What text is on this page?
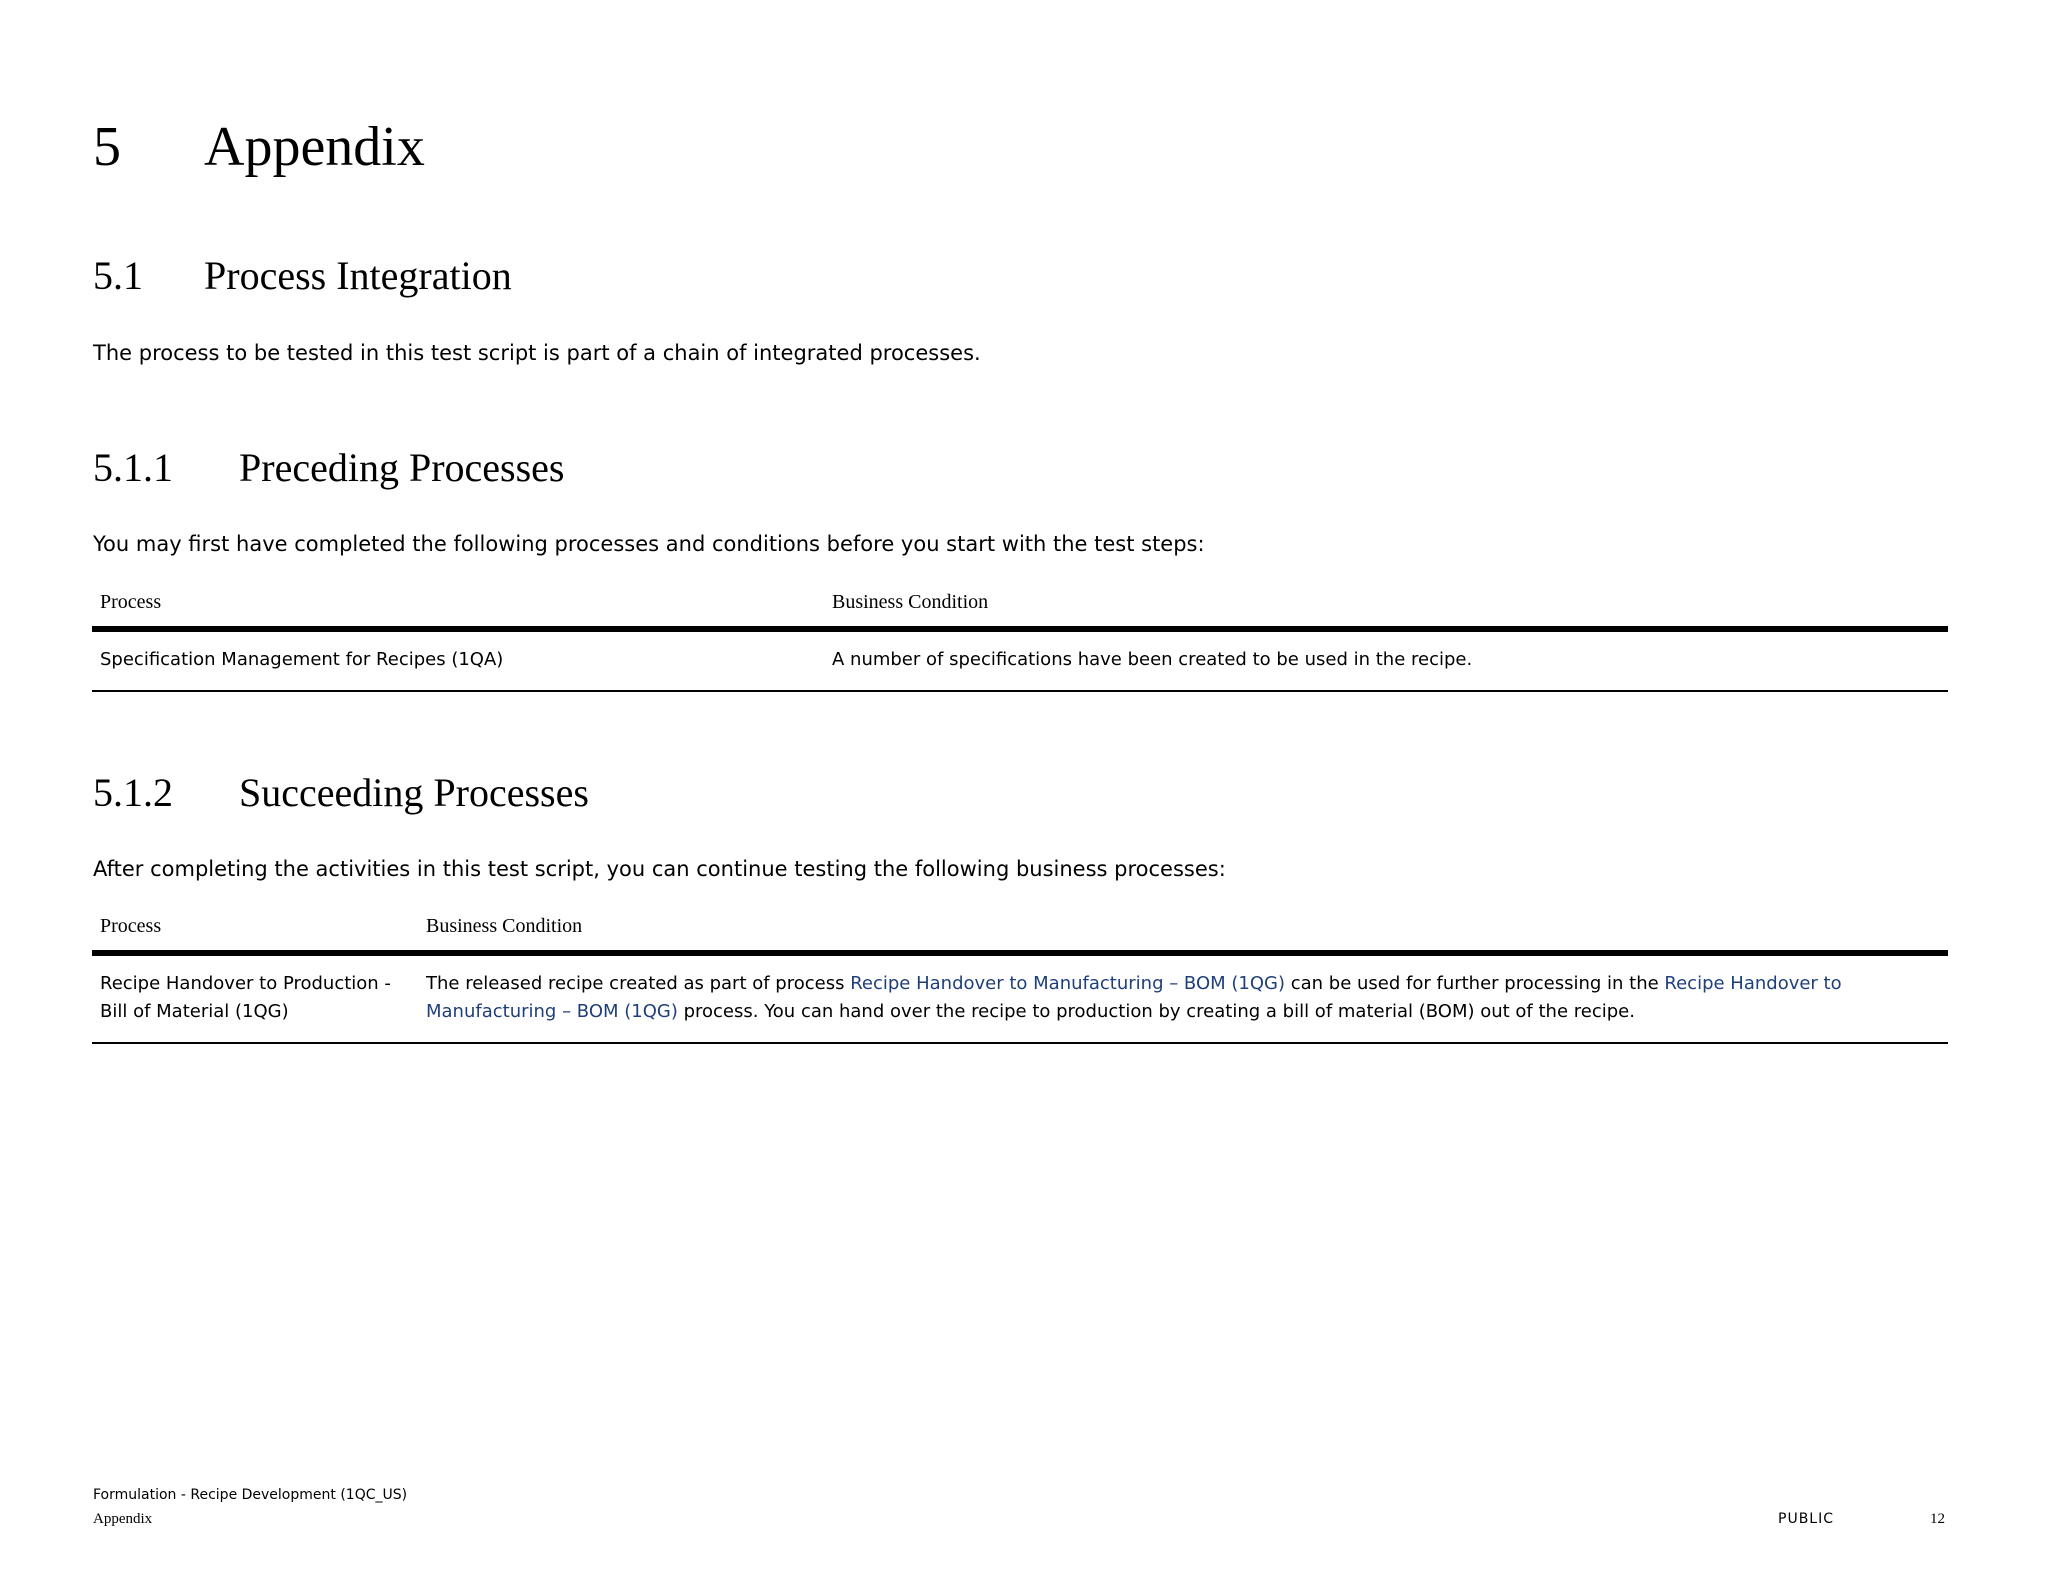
5 Appendix
5.1 Process Integration
The process to be tested in this test script is part of a chain of integrated processes.
5.1.1 Preceding Processes
You may first have completed the following processes and conditions before you start with the test steps:
Process	Business Condition
Specification Management for Recipes (1QA)	A number of specifications have been created to be used in the recipe.
5.1.2 Succeeding Processes
After completing the activities in this test script, you can continue testing the following business processes:
Process	Business Condition
Recipe Handover to Production - Bill of Material (1QG)	The released recipe created as part of process Recipe Handover to Manufacturing – BOM (1QG) can be used for further processing in the Recipe Handover to Manufacturing – BOM (1QG) process. You can hand over the recipe to production by creating a bill of material (BOM) out of the recipe.
Formulation - Recipe Development (1QC_US)
Appendix	PUBLIC	12
